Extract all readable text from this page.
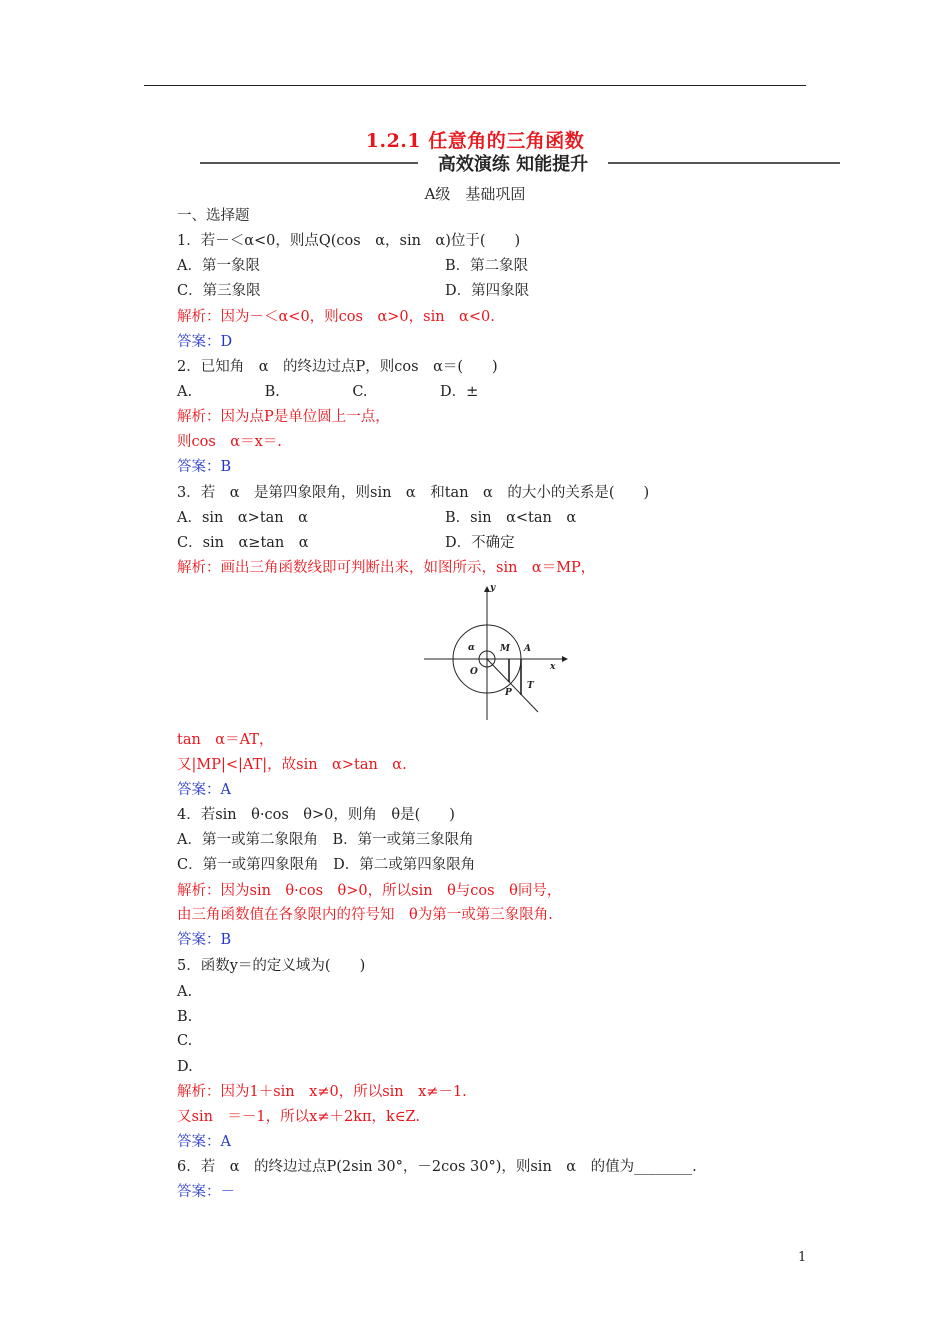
1.2.1 任意角的三角函数
高效演练 知能提升
A级　基础巩固
一、选择题
1．若－＜α<0，则点Q(cos　α，sin　α)位于(　　)
A．第一象限	B．第二象限
C．第三象限	D．第四象限
解析：因为－＜α<0，则cos　α>0，sin　α<0.
答案：D
2．已知角　α　的终边过点P，则cos　α＝(　　)
A.　　　　　B.　　　　　C.　　　　　D．±
解析：因为点P是单位圆上一点，
则cos　α＝x＝.
答案：B
3．若　α　是第四象限角，则sin　α　和tan　α　的大小的关系是(　　)
A．sin　α>tan　α	B．sin　α<tan　α
C．sin　α≥tan　α	D．不确定
解析：画出三角函数线即可判断出来，如图所示，sin　α＝MP，
y
x
O
α	M A
P
T
tan　α＝AT，
又|MP|<|AT|，故sin　α>tan　α.
答案：A
4．若sin　θ·cos　θ>0，则角　θ是(　　)
A．第一或第二象限角　B．第一或第三象限角
C．第一或第四象限角　D．第二或第四象限角
解析：因为sin　θ·cos　θ>0，所以sin　θ与cos　θ同号，
由三角函数值在各象限内的符号知　θ为第一或第三象限角.
答案：B
5．函数y＝的定义域为(　　)
A.
B.
C.
D.
解析：因为1＋sin　x≠0，所以sin　x≠－1.
又sin　＝－1，所以x≠＋2kπ，k∈Z.
答案：A
6．若　α　的终边过点P(2sin 30°，－2cos 30°)，则sin　α　的值为________.
答案：－
1
